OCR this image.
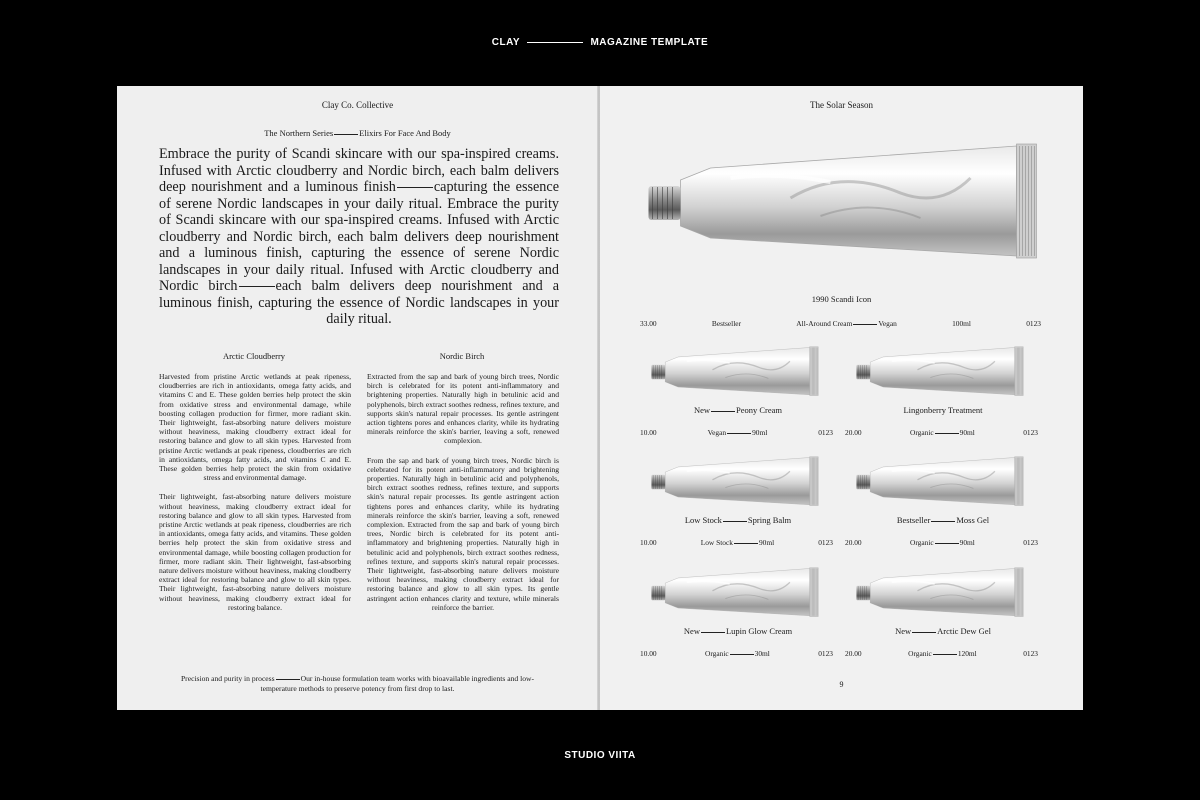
CLAY	MAGAZINE TEMPLATE
Clay Co. Collective
The Northern Series	Elixirs For Face And Body
Embrace the purity of Scandi skincare with our spa-inspired creams. Infused with Arctic cloudberry and Nordic birch, each balm delivers deep nourishment and a luminous finish	capturing the essence of serene Nordic landscapes in your daily ritual. Embrace the purity of Scandi skincare with our spa-inspired creams. Infused with Arctic cloudberry and Nordic birch, each balm delivers deep nourishment and a luminous finish, capturing the essence of serene Nordic landscapes in your daily ritual. Infused with Arctic cloudberry and Nordic birch	each balm delivers deep nourishment and a luminous finish, capturing the essence of Nordic landscapes in your daily ritual.
Arctic Cloudberry	Nordic Birch

Harvested from pristine Arctic wetlands at peak ripeness, cloudberries are rich in antioxidants, omega fatty acids, and vitamins C and E. These golden berries help protect the skin from oxidative stress and environmental damage, while boosting collagen production for firmer, more radiant skin. Their lightweight, fast-absorbing nature delivers moisture without heaviness, making cloudberry extract ideal for restoring balance and glow to all skin types. Harvested from pristine Arctic wetlands at peak ripeness, cloudberries are rich in antioxidants, omega fatty acids, and vitamins C and E. These golden berries help protect the skin from oxidative stress and environmental damage.

Their lightweight, fast-absorbing nature delivers moisture without heaviness, making cloudberry extract ideal for restoring balance and glow to all skin types. Harvested from pristine Arctic wetlands at peak ripeness, cloudberries are rich in antioxidants, omega fatty acids, and vitamins. These golden berries help protect the skin from oxidative stress and environmental damage, while boosting collagen production for firmer, more radiant skin. Their lightweight, fast-absorbing nature delivers moisture without heaviness, making cloudberry extract ideal for restoring balance and glow to all skin types. Their lightweight, fast-absorbing nature delivers moisture without heaviness, making cloudberry extract ideal for restoring balance.

Extracted from the sap and bark of young birch trees, Nordic birch is celebrated for its potent anti-inflammatory and brightening properties. Naturally high in betulinic acid and polyphenols, birch extract soothes redness, refines texture, and supports skin's natural repair processes. Its gentle astringent action tightens pores and enhances clarity, while its hydrating minerals reinforce the skin's barrier, leaving a soft, renewed complexion.

From the sap and bark of young birch trees, Nordic birch is celebrated for its potent anti-inflammatory and brightening properties. Naturally high in betulinic acid and polyphenols, birch extract soothes redness, refines texture, and supports skin's natural repair processes. Its gentle astringent action tightens pores and enhances clarity, while its hydrating minerals reinforce the skin's barrier, leaving a soft, renewed complexion. Extracted from the sap and bark of young birch trees, Nordic birch is celebrated for its potent anti-inflammatory and brightening properties. Naturally high in betulinic acid and polyphenols, birch extract soothes redness, refines texture, and supports skin's natural repair processes. Their lightweight, fast-absorbing nature delivers moisture without heaviness, making cloudberry extract ideal for restoring balance and glow to all skin types. Its gentle astringent action enhances clarity and texture, while minerals reinforce the barrier.

Precision and purity in process	Our in-house formulation team works with bioavailable ingredients and low-temperature methods to preserve potency from first drop to last.
The Solar Season
1990 Scandi Icon
33.00	Bestseller	All-Around Cream	Vegan	100ml	0123
New	Peony Cream
10.00	Vegan	90ml	0123
Lingonberry Treatment
20.00	Organic	90ml	0123
Low Stock	Spring Balm
10.00	Low Stock	90ml	0123
Bestseller	Moss Gel
20.00	Organic	90ml	0123
New	Lupin Glow Cream
10.00	Organic	30ml	0123
New	Arctic Dew Gel
20.00	Organic	120ml	0123
9
STUDIO VIITA
